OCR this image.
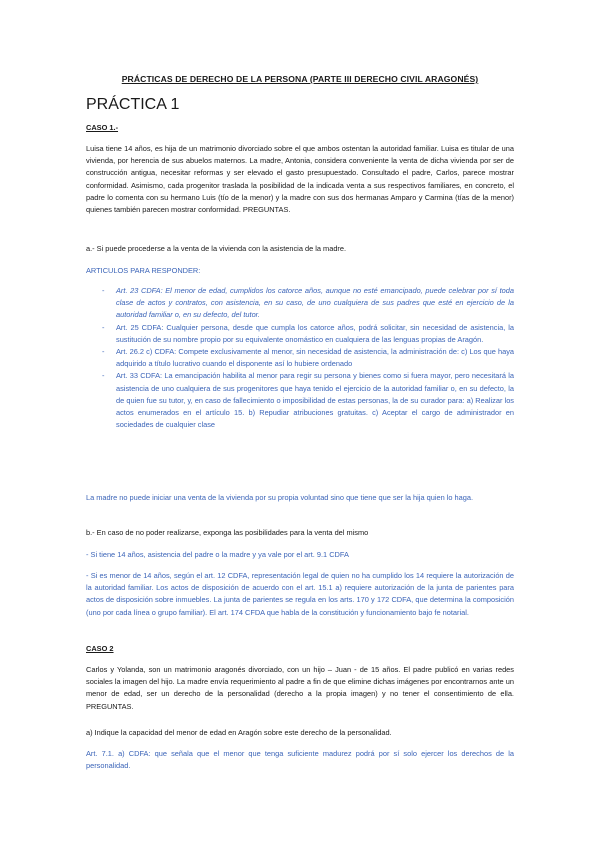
PRÁCTICAS DE DERECHO DE LA PERSONA (PARTE III DERECHO CIVIL ARAGONÉS)
PRÁCTICA 1
CASO 1.-

Luisa tiene 14 años, es hija de un matrimonio divorciado sobre el que ambos ostentan la autoridad familiar. Luisa es titular de una vivienda, por herencia de sus abuelos maternos. La madre, Antonia, considera conveniente la venta de dicha vivienda por ser de construcción antigua, necesitar reformas y ser elevado el gasto presupuestado. Consultado el padre, Carlos, parece mostrar conformidad. Asimismo, cada progenitor traslada la posibilidad de la indicada venta a sus respectivos familiares, en concreto, el padre lo comenta con su hermano Luis (tío de la menor) y la madre con sus dos hermanas Amparo y Carmina (tías de la menor) quienes también parecen mostrar conformidad. PREGUNTAS.

a.- Si puede procederse a la venta de la vivienda con la asistencia de la madre.
ARTICULOS PARA RESPONDER:
- Art. 23 CDFA: El menor de edad, cumplidos los catorce años, aunque no esté emancipado, puede celebrar por sí toda clase de actos y contratos, con asistencia, en su caso, de uno cualquiera de sus padres que esté en ejercicio de la autoridad familiar o, en su defecto, del tutor.
- Art. 25 CDFA: Cualquier persona, desde que cumpla los catorce años, podrá solicitar, sin necesidad de asistencia, la sustitución de su nombre propio por su equivalente onomástico en cualquiera de las lenguas propias de Aragón.
- Art. 26.2 c) CDFA: Compete exclusivamente al menor, sin necesidad de asistencia, la administración de: c) Los que haya adquirido a título lucrativo cuando el disponente así lo hubiere ordenado
- Art. 33 CDFA: La emancipación habilita al menor para regir su persona y bienes como si fuera mayor, pero necesitará la asistencia de uno cualquiera de sus progenitores que haya tenido el ejercicio de la autoridad familiar o, en su defecto, la de quien fue su tutor, y, en caso de fallecimiento o imposibilidad de estas personas, la de su curador para: a) Realizar los actos enumerados en el artículo 15. b) Repudiar atribuciones gratuitas. c) Aceptar el cargo de administrador en sociedades de cualquier clase

La madre no puede iniciar una venta de la vivienda por su propia voluntad sino que tiene que ser la hija quien lo haga.

b.- En caso de no poder realizarse, exponga las posibilidades para la venta del mismo
- Si tiene 14 años, asistencia del padre o la madre y ya vale por el art. 9.1 CDFA

- Si es menor de 14 años, según el art. 12 CDFA, representación legal de quien no ha cumplido los 14 requiere la autorización de la autoridad familiar. Los actos de disposición de acuerdo con el art. 15.1 a) requiere autorización de la junta de parientes para actos de disposición sobre inmuebles. La junta de parientes se regula en los arts. 170 y 172 CDFA, que determina la composición (uno por cada línea o grupo familiar). El art. 174 CFDA que habla de la constitución y funcionamiento bajo fe notarial.

CASO 2

Carlos y Yolanda, son un matrimonio aragonés divorciado, con un hijo – Juan - de 15 años. El padre publicó en varias redes sociales la imagen del hijo. La madre envía requerimiento al padre a fin de que elimine dichas imágenes por encontrarnos ante un menor de edad, ser un derecho de la personalidad (derecho a la propia imagen) y no tener el consentimiento de ella. PREGUNTAS.

a) Indique la capacidad del menor de edad en Aragón sobre este derecho de la personalidad.

Art. 7.1. a) CDFA: que señala que el menor que tenga suficiente madurez podrá por sí solo ejercer los derechos de la personalidad.
